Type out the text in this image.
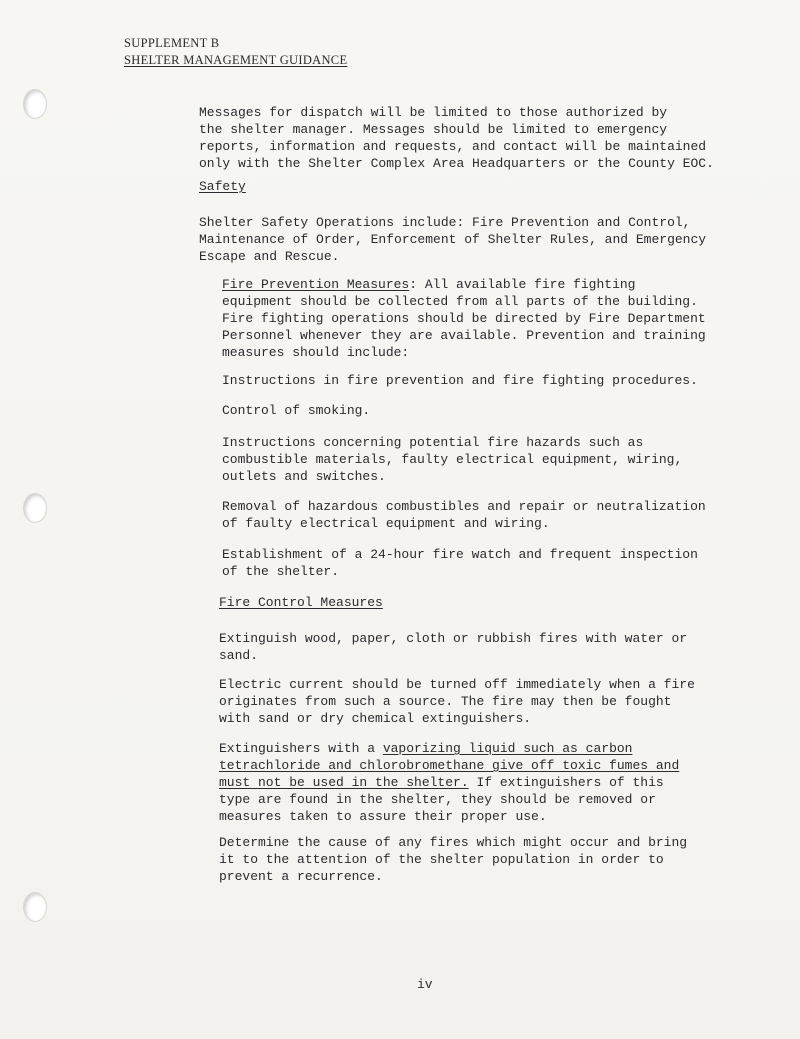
SUPPLEMENT B
SHELTER MANAGEMENT GUIDANCE
Messages for dispatch will be limited to those authorized by
the shelter manager. Messages should be limited to emergency
reports, information and requests, and contact will be maintained
only with the Shelter Complex Area Headquarters or the County EOC.
Safety
Shelter Safety Operations include: Fire Prevention and Control,
Maintenance of Order, Enforcement of Shelter Rules, and Emergency
Escape and Rescue.
Fire Prevention Measures: All available fire fighting
equipment should be collected from all parts of the building.
Fire fighting operations should be directed by Fire Department
Personnel whenever they are available. Prevention and training
measures should include:
Instructions in fire prevention and fire fighting procedures.
Control of smoking.
Instructions concerning potential fire hazards such as
combustible materials, faulty electrical equipment, wiring,
outlets and switches.
Removal of hazardous combustibles and repair or neutralization
of faulty electrical equipment and wiring.
Establishment of a 24-hour fire watch and frequent inspection
of the shelter.
Fire Control Measures
Extinguish wood, paper, cloth or rubbish fires with water or
sand.
Electric current should be turned off immediately when a fire
originates from such a source. The fire may then be fought
with sand or dry chemical extinguishers.
Extinguishers with a vaporizing liquid such as carbon
tetrachloride and chlorobromethane give off toxic fumes and
must not be used in the shelter. If extinguishers of this
type are found in the shelter, they should be removed or
measures taken to assure their proper use.
Determine the cause of any fires which might occur and bring
it to the attention of the shelter population in order to
prevent a recurrence.
iv
